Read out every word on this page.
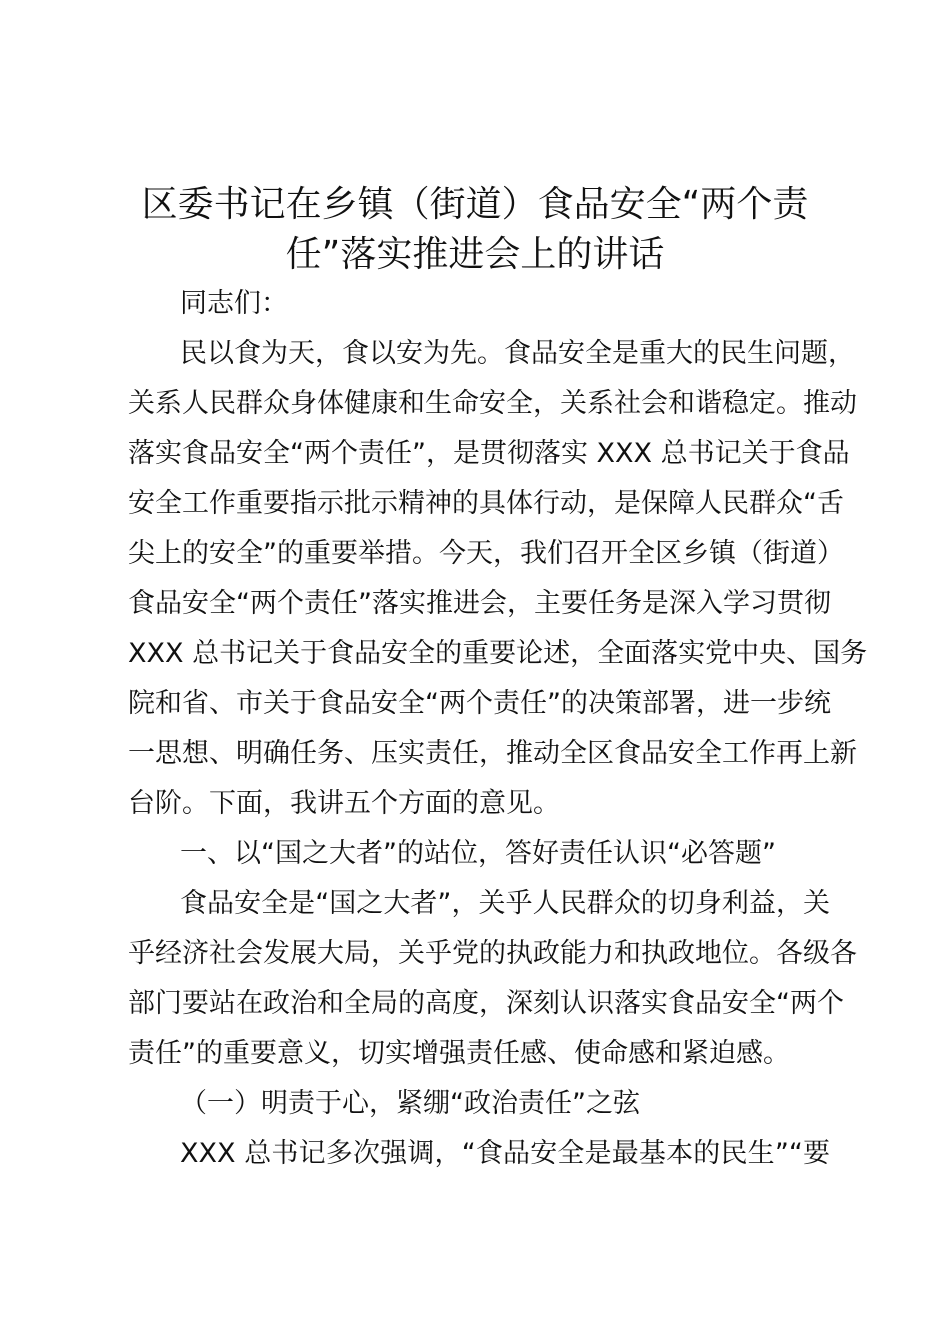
区委书记在乡镇（街道）食品安全“两个责
任”落实推进会上的讲话
同志们：
民以食为天，食以安为先。食品安全是重大的民生问题，
关系人民群众身体健康和生命安全，关系社会和谐稳定。推动
落实食品安全“两个责任”，是贯彻落实 XXX 总书记关于食品
安全工作重要指示批示精神的具体行动，是保障人民群众“舌
尖上的安全”的重要举措。今天，我们召开全区乡镇（街道）
食品安全“两个责任”落实推进会，主要任务是深入学习贯彻
XXX 总书记关于食品安全的重要论述，全面落实党中央、国务
院和省、市关于食品安全“两个责任”的决策部署，进一步统
一思想、明确任务、压实责任，推动全区食品安全工作再上新
台阶。下面，我讲五个方面的意见。
一、以“国之大者”的站位，答好责任认识“必答题”
食品安全是“国之大者”，关乎人民群众的切身利益，关
乎经济社会发展大局，关乎党的执政能力和执政地位。各级各
部门要站在政治和全局的高度，深刻认识落实食品安全“两个
责任”的重要意义，切实增强责任感、使命感和紧迫感。
（一）明责于心，紧绷“政治责任”之弦
XXX 总书记多次强调，“食品安全是最基本的民生”“要
